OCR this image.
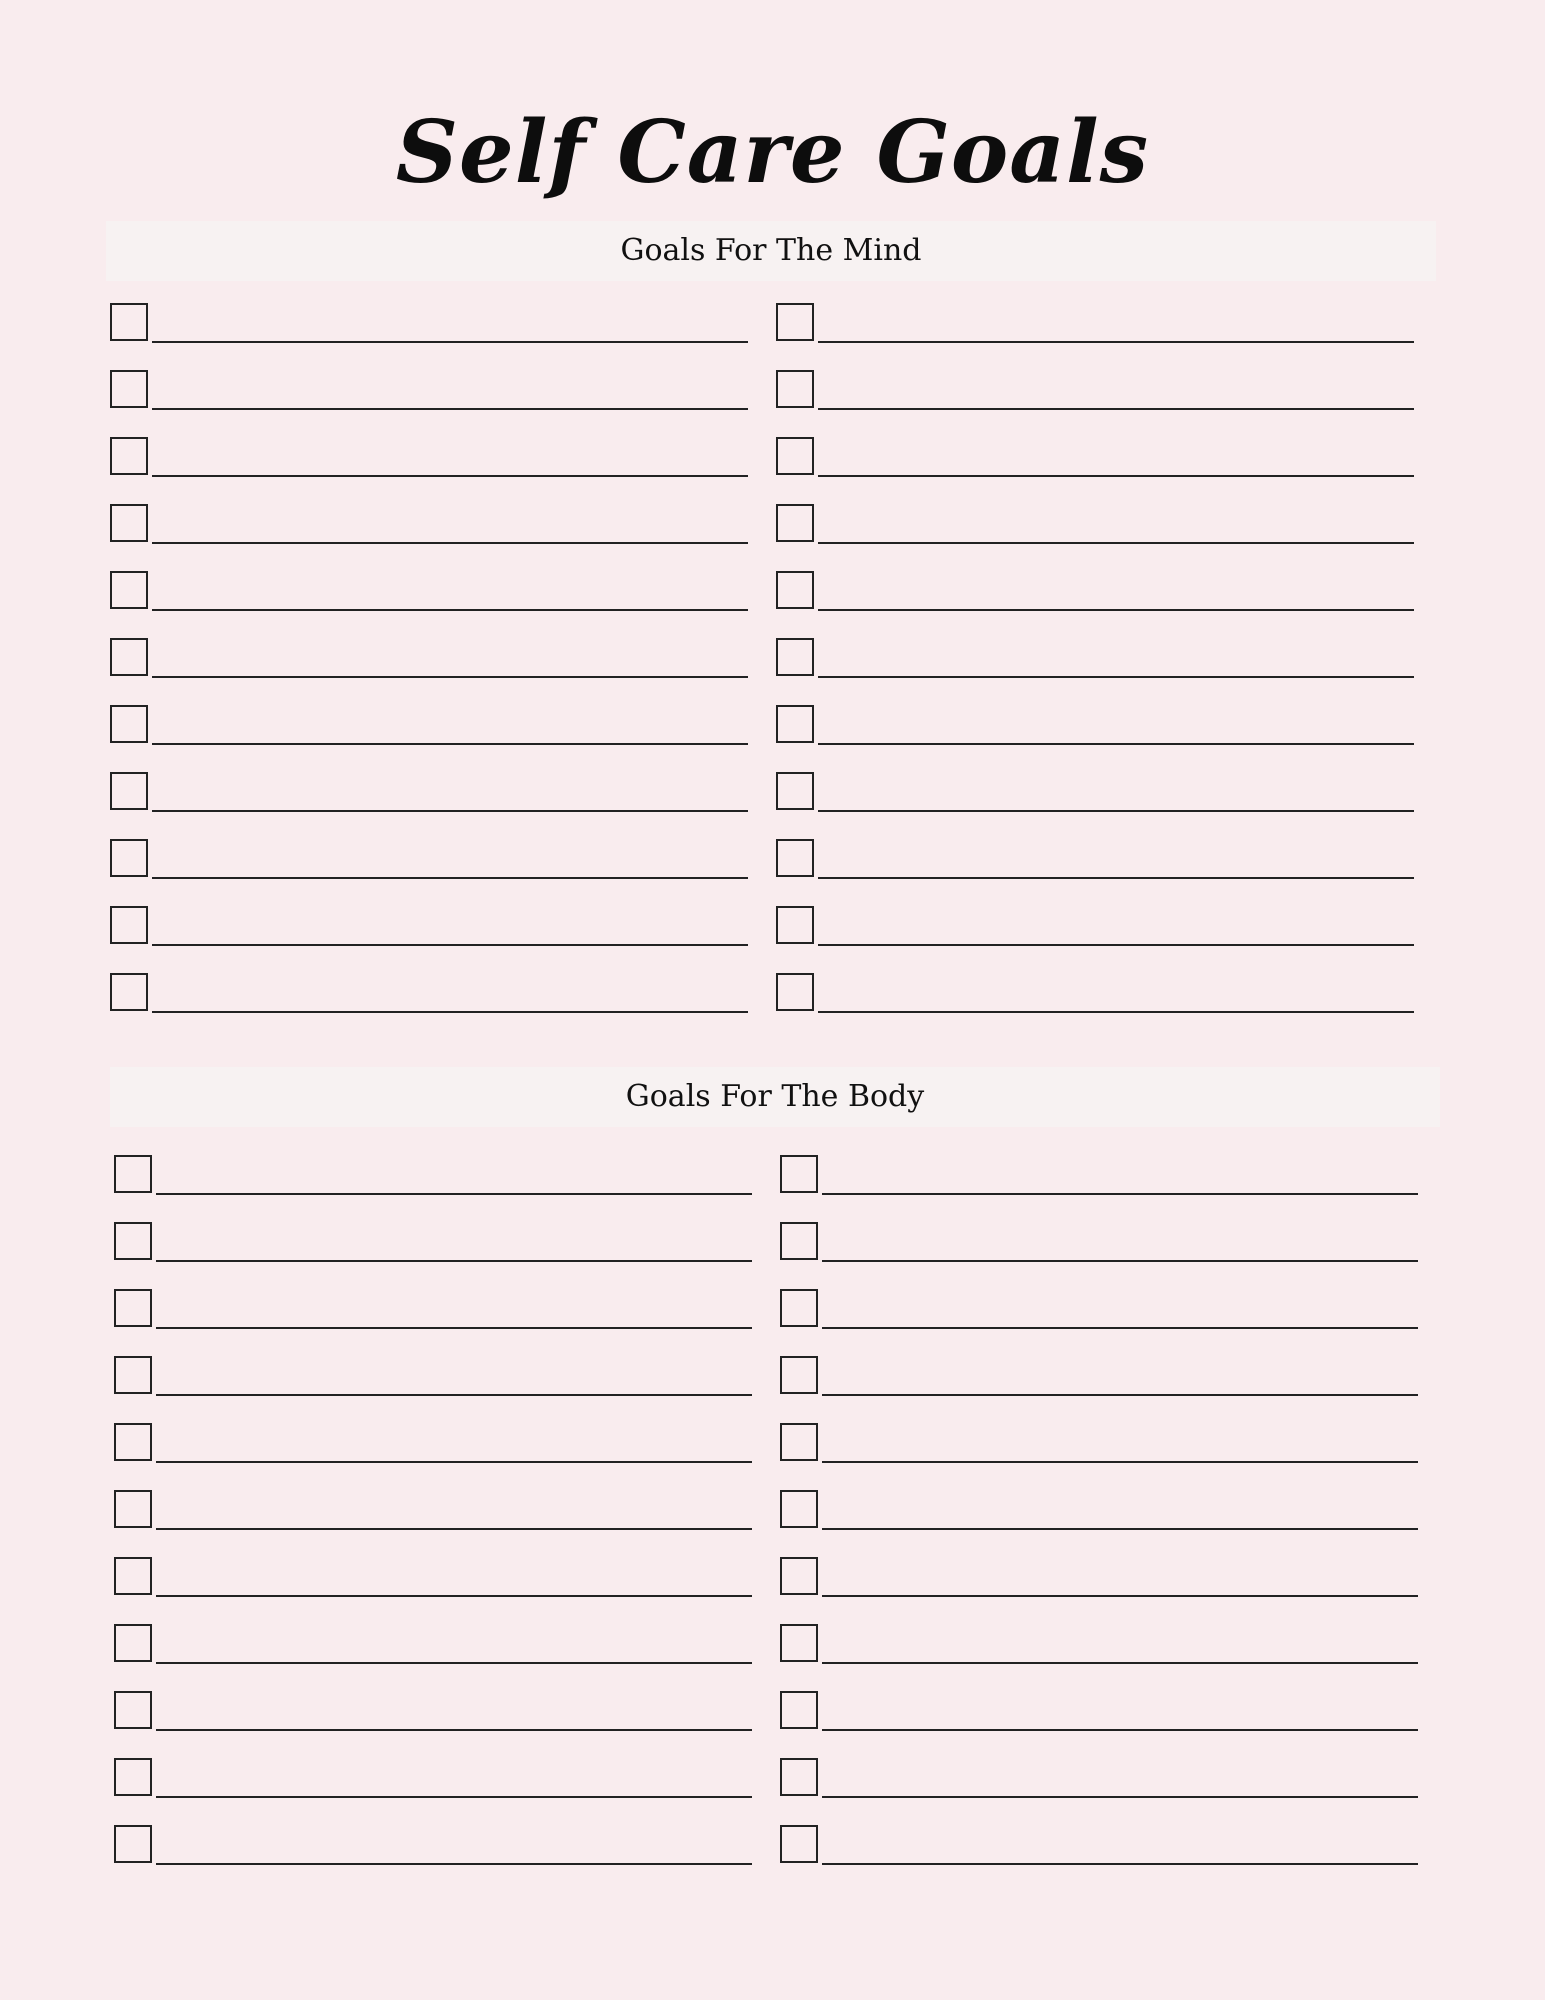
Self Care Goals
Goals For The Mind
Goals For The Body
